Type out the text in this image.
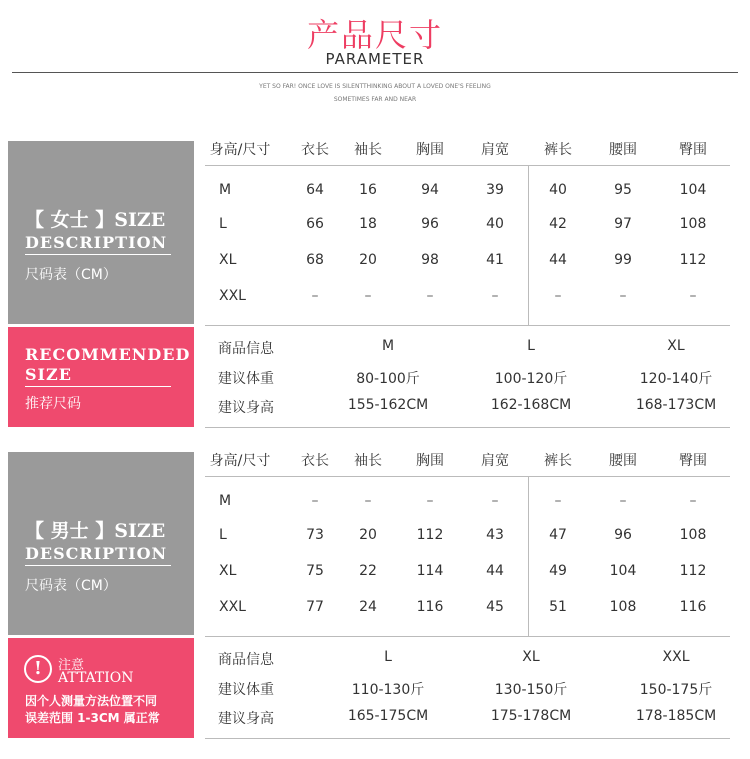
产品尺寸
PARAMETER
YET SO FAR! ONCE LOVE IS SILENTTHINKING ABOUT A LOVED ONE'S FEELING
SOMETIMES FAR AND NEAR
【 女士 】SIZE
DESCRIPTION
尺码表（CM）
RECOMMENDED
SIZE
推荐尺码
身高/尺寸 衣长 袖长 胸围	肩宽	裤长	腰围	臀围
M	64	16	94	39	40	95	104
L	66	18	96	40	42	97	108
XL	68	20	98	41	44	99	112
XXL	–	–	–	–	–	–	–
商品信息	M	L	XL
建议体重	80-100斤	100-120斤	120-140斤
建议身高	155-162CM	162-168CM	168-173CM
【 男士 】SIZE
DESCRIPTION
尺码表（CM）
!	注意
ATTATION
因个人测量方法位置不同
误差范围 1-3CM 属正常
身高/尺寸 衣长 袖长 胸围	肩宽	裤长	腰围	臀围
M	–	–	–	–	–	–	–
L	73	20	112	43	47	96	108
XL	75	22	114	44	49	104	112
XXL	77	24	116	45	51	108	116
商品信息	L	XL	XXL
建议体重	110-130斤	130-150斤	150-175斤
建议身高	165-175CM	175-178CM	178-185CM
